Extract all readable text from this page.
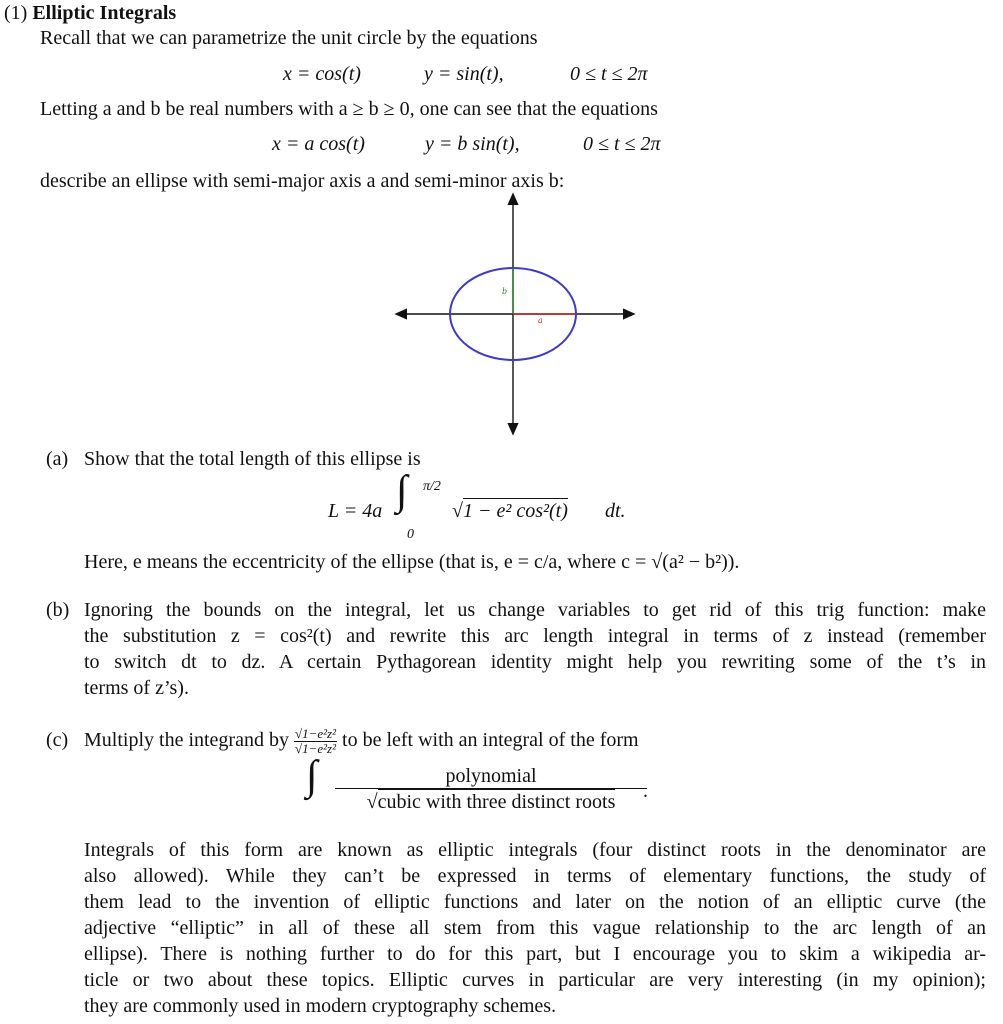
(1) Elliptic Integrals
Recall that we can parametrize the unit circle by the equations
x = cos(t)	y = sin(t),	0 ≤ t ≤ 2π
Letting a and b be real numbers with a ≥ b ≥ 0, one can see that the equations
x = a cos(t)	y = b sin(t),	0 ≤ t ≤ 2π
describe an ellipse with semi-major axis a and semi-minor axis b:
b
a
(a) Show that the total length of this ellipse is
L = 4a ∫ π/2
0
√1 − e² cos²(t) dt.
Here, e means the eccentricity of the ellipse (that is, e = c/a, where c = √(a² − b²)).
(b) Ignoring the bounds on the integral, let us change variables to get rid of this trig function: make
the substitution z = cos²(t) and rewrite this arc length integral in terms of z instead (remember
to switch dt to dz. A certain Pythagorean identity might help you rewriting some of the t’s in
terms of z’s).
(c) Multiply the integrand by $\frac{\text{√1−e²z²}}{\text{√1−e²z²}}$ to be left with an integral of the form
∫	polynomial
√cubic with three distinct roots	.
Integrals of this form are known as elliptic integrals (four distinct roots in the denominator are
also allowed). While they can’t be expressed in terms of elementary functions, the study of
them lead to the invention of elliptic functions and later on the notion of an elliptic curve (the
adjective “elliptic” in all of these all stem from this vague relationship to the arc length of an
ellipse). There is nothing further to do for this part, but I encourage you to skim a wikipedia ar-
ticle or two about these topics. Elliptic curves in particular are very interesting (in my opinion);
they are commonly used in modern cryptography schemes.
